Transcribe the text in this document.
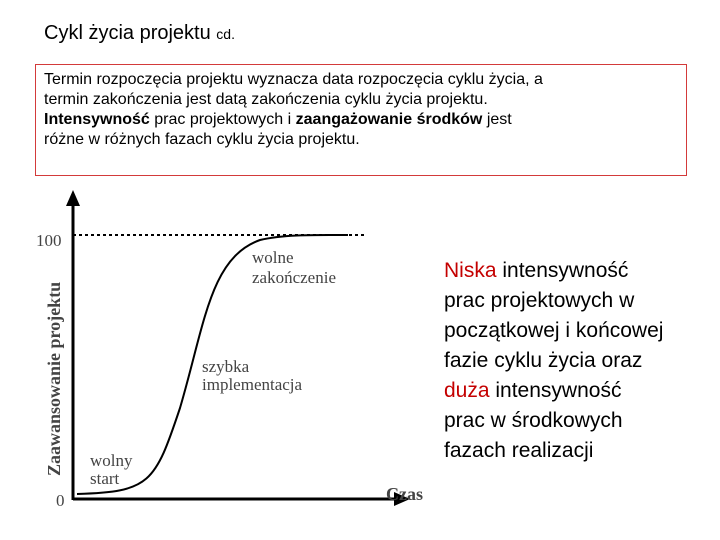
Cykl życia projektu cd.

Termin rozpoczęcia projektu wyznacza data rozpoczęcia cyklu życia, a

termin zakończenia jest datą zakończenia cyklu życia projektu.

Intensywność prac projektowych i zaangażowanie środków jest

różne w różnych fazach cyklu życia projektu.

100
0
Zaawansowanie projektu
Czas
wolny
start
szybka
implementacja
wolne
zakończenie	Niska intensywność
prac projektowych w
początkowej i końcowej
fazie cyklu życia oraz
duża intensywność
prac w środkowych
fazach realizacji
